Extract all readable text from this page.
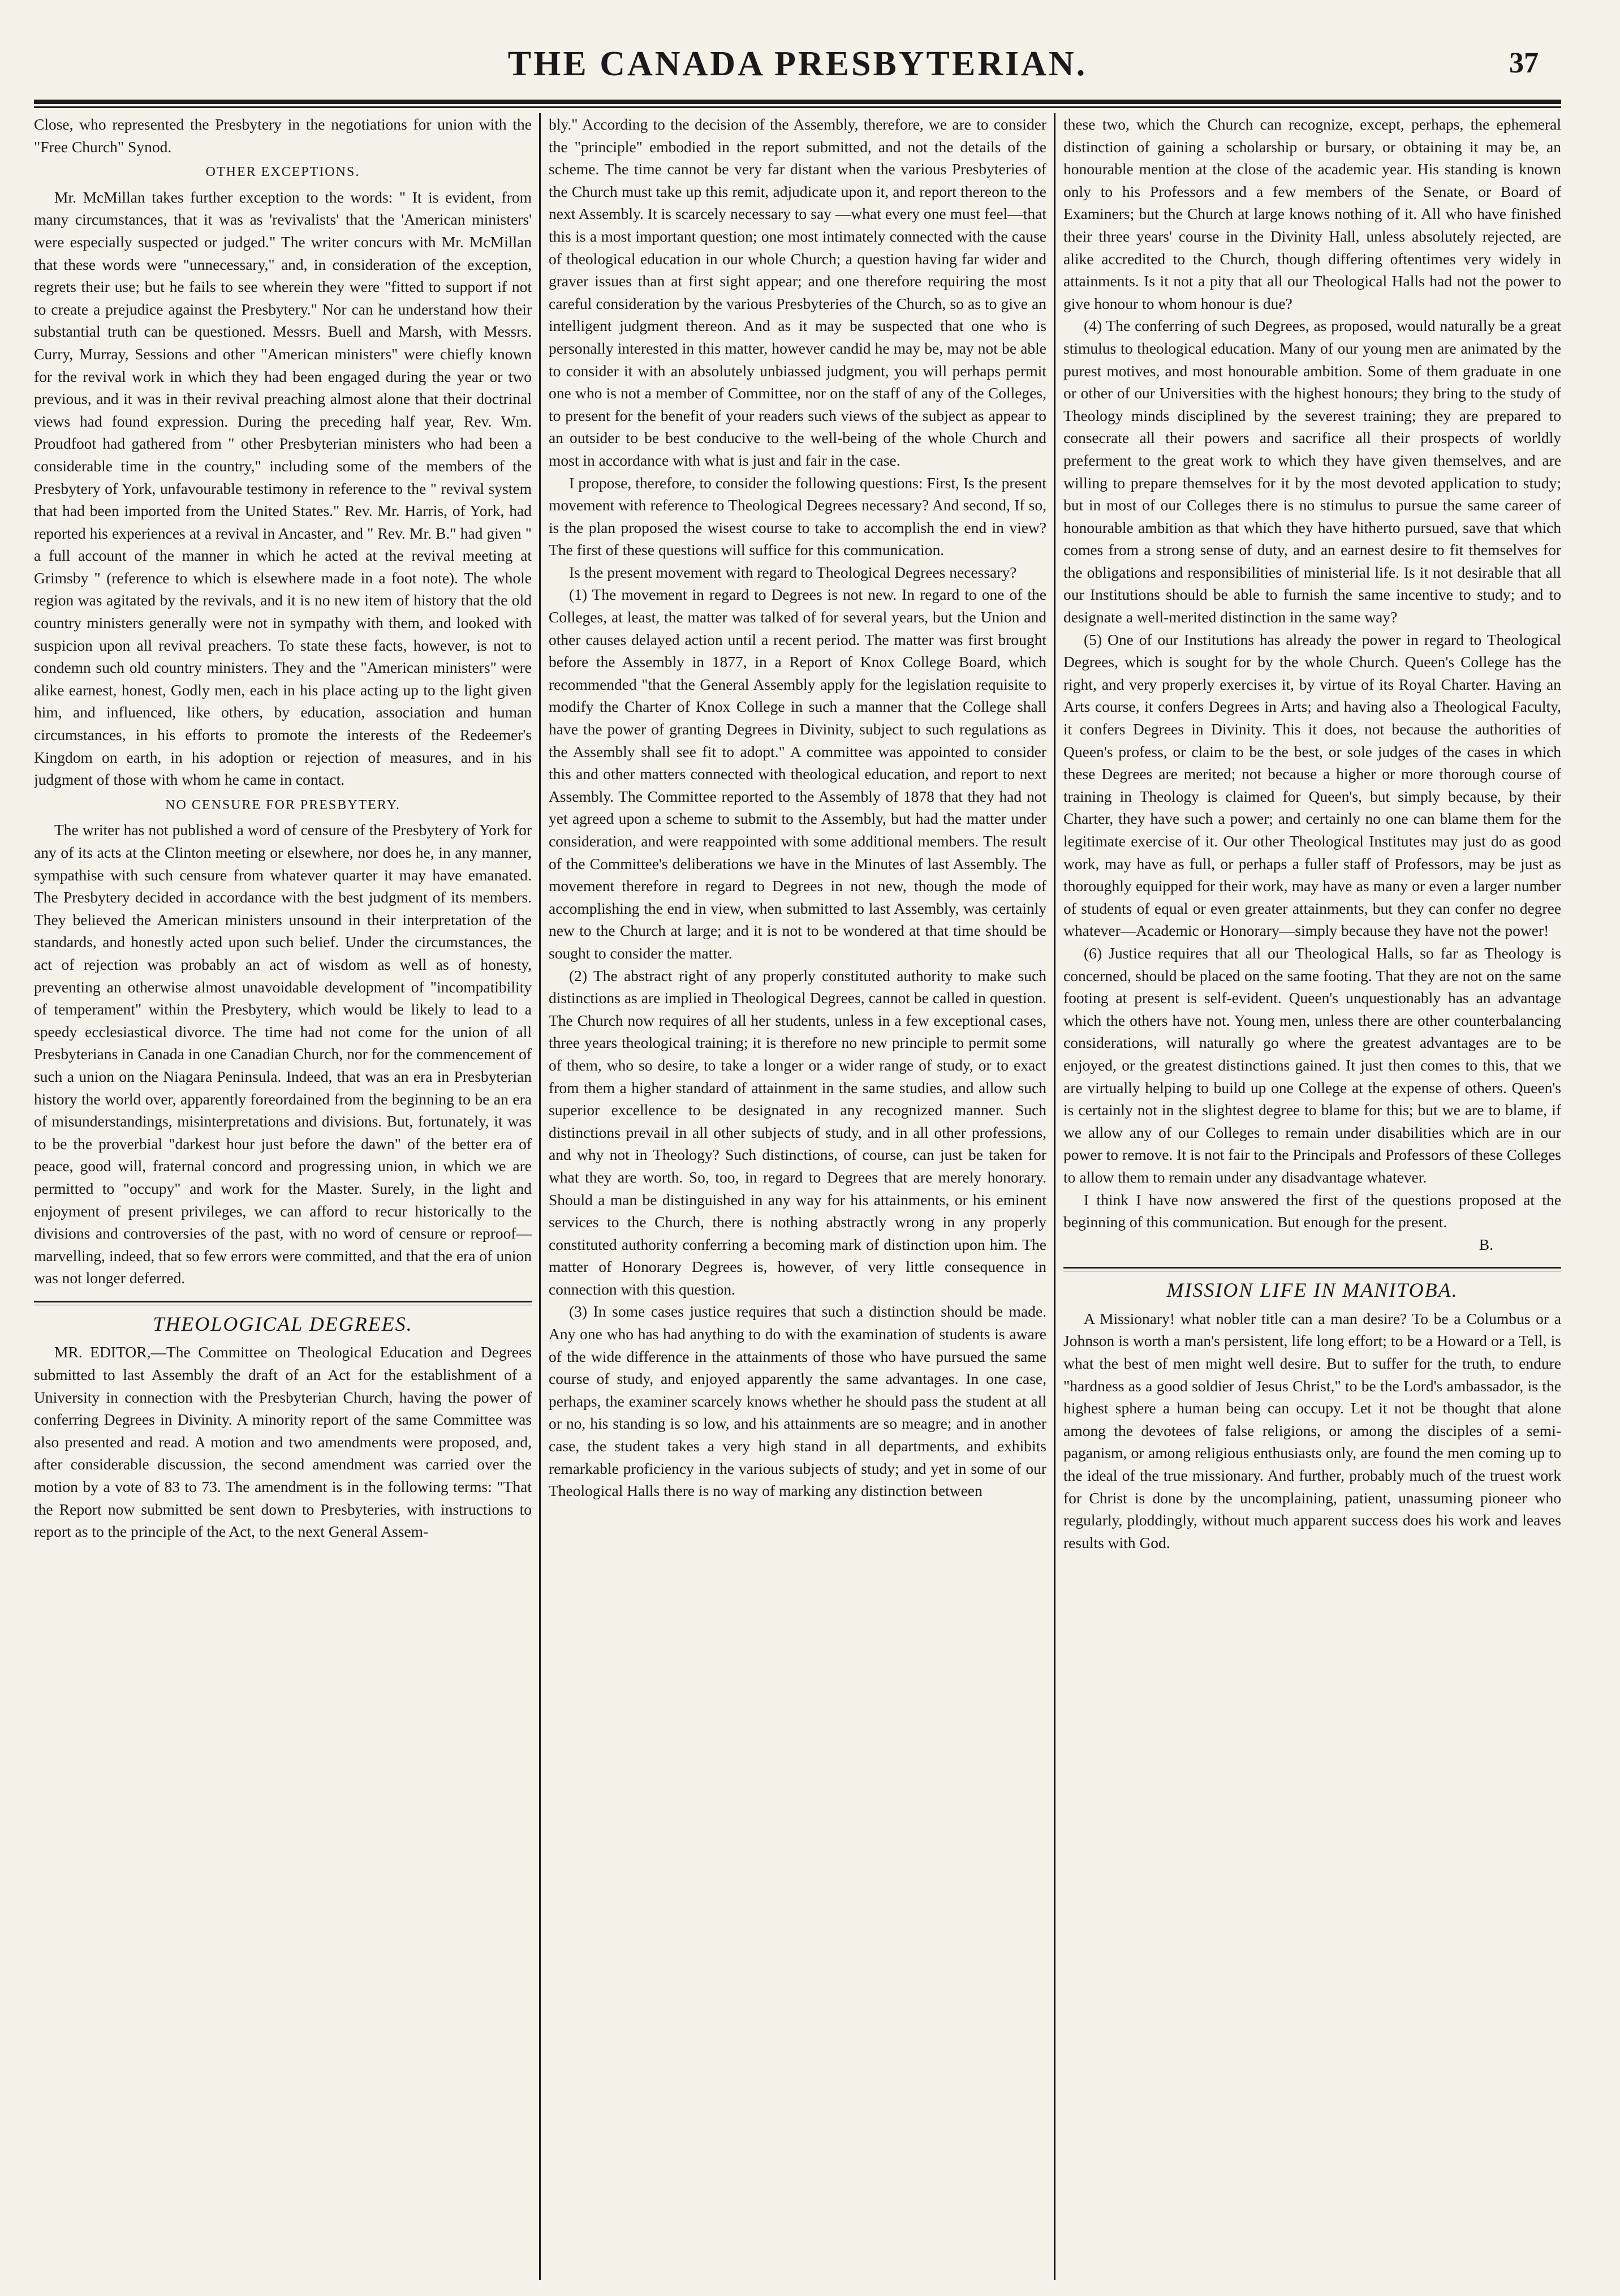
THE CANADA PRESBYTERIAN.	37

Close, who represented the Presbytery in the negotiations for union with the "Free Church" Synod.

OTHER EXCEPTIONS.

Mr. McMillan takes further exception to the words: " It is evident, from many circumstances, that it was as 'revivalists' that the 'American ministers' were especially suspected or judged." The writer concurs with Mr. McMillan that these words were "unnecessary," and, in consideration of the exception, regrets their use; but he fails to see wherein they were "fitted to support if not to create a prejudice against the Presbytery." Nor can he understand how their substantial truth can be questioned. Messrs. Buell and Marsh, with Messrs. Curry, Murray, Sessions and other "American ministers" were chiefly known for the revival work in which they had been engaged during the year or two previous, and it was in their revival preaching almost alone that their doctrinal views had found expression. During the preceding half year, Rev. Wm. Proudfoot had gathered from " other Presbyterian ministers who had been a considerable time in the country," including some of the members of the Presbytery of York, unfavourable testimony in reference to the " revival system that had been imported from the United States." Rev. Mr. Harris, of York, had reported his experiences at a revival in Ancaster, and " Rev. Mr. B." had given " a full account of the manner in which he acted at the revival meeting at Grimsby " (reference to which is elsewhere made in a foot note). The whole region was agitated by the revivals, and it is no new item of history that the old country ministers generally were not in sympathy with them, and looked with suspicion upon all revival preachers. To state these facts, however, is not to condemn such old country ministers. They and the "American ministers" were alike earnest, honest, Godly men, each in his place acting up to the light given him, and influenced, like others, by education, association and human circumstances, in his efforts to promote the interests of the Redeemer's Kingdom on earth, in his adoption or rejection of measures, and in his judgment of those with whom he came in contact.

NO CENSURE FOR PRESBYTERY.

The writer has not published a word of censure of the Presbytery of York for any of its acts at the Clinton meeting or elsewhere, nor does he, in any manner, sympathise with such censure from whatever quarter it may have emanated. The Presbytery decided in accordance with the best judgment of its members. They believed the American ministers unsound in their interpretation of the standards, and honestly acted upon such belief. Under the circumstances, the act of rejection was probably an act of wisdom as well as of honesty, preventing an otherwise almost unavoidable development of "incompatibility of temperament" within the Presbytery, which would be likely to lead to a speedy ecclesiastical divorce. The time had not come for the union of all Presbyterians in Canada in one Canadian Church, nor for the commencement of such a union on the Niagara Peninsula. Indeed, that was an era in Presbyterian history the world over, apparently foreordained from the beginning to be an era of misunderstandings, misinterpretations and divisions. But, fortunately, it was to be the proverbial "darkest hour just before the dawn" of the better era of peace, good will, fraternal concord and progressing union, in which we are permitted to "occupy" and work for the Master. Surely, in the light and enjoyment of present privileges, we can afford to recur historically to the divisions and controversies of the past, with no word of censure or reproof—marvelling, indeed, that so few errors were committed, and that the era of union was not longer deferred.

THEOLOGICAL DEGREES.

MR. EDITOR,—The Committee on Theological Education and Degrees submitted to last Assembly the draft of an Act for the establishment of a University in connection with the Presbyterian Church, having the power of conferring Degrees in Divinity. A minority report of the same Committee was also presented and read. A motion and two amendments were proposed, and, after considerable discussion, the second amendment was carried over the motion by a vote of 83 to 73. The amendment is in the following terms: "That the Report now submitted be sent down to Presbyteries, with instructions to report as to the principle of the Act, to the next General Assem-

bly." According to the decision of the Assembly, therefore, we are to consider the "principle" embodied in the report submitted, and not the details of the scheme. The time cannot be very far distant when the various Presbyteries of the Church must take up this remit, adjudicate upon it, and report thereon to the next Assembly. It is scarcely necessary to say —what every one must feel—that this is a most important question; one most intimately connected with the cause of theological education in our whole Church; a question having far wider and graver issues than at first sight appear; and one therefore requiring the most careful consideration by the various Presbyteries of the Church, so as to give an intelligent judgment thereon. And as it may be suspected that one who is personally interested in this matter, however candid he may be, may not be able to consider it with an absolutely unbiassed judgment, you will perhaps permit one who is not a member of Committee, nor on the staff of any of the Colleges, to present for the benefit of your readers such views of the subject as appear to an outsider to be best conducive to the well-being of the whole Church and most in accordance with what is just and fair in the case.

I propose, therefore, to consider the following questions: First, Is the present movement with reference to Theological Degrees necessary? And second, If so, is the plan proposed the wisest course to take to accomplish the end in view? The first of these questions will suffice for this communication.

Is the present movement with regard to Theological Degrees necessary?

(1) The movement in regard to Degrees is not new. In regard to one of the Colleges, at least, the matter was talked of for several years, but the Union and other causes delayed action until a recent period. The matter was first brought before the Assembly in 1877, in a Report of Knox College Board, which recommended "that the General Assembly apply for the legislation requisite to modify the Charter of Knox College in such a manner that the College shall have the power of granting Degrees in Divinity, subject to such regulations as the Assembly shall see fit to adopt." A committee was appointed to consider this and other matters connected with theological education, and report to next Assembly. The Committee reported to the Assembly of 1878 that they had not yet agreed upon a scheme to submit to the Assembly, but had the matter under consideration, and were reappointed with some additional members. The result of the Committee's deliberations we have in the Minutes of last Assembly. The movement therefore in regard to Degrees in not new, though the mode of accomplishing the end in view, when submitted to last Assembly, was certainly new to the Church at large; and it is not to be wondered at that time should be sought to consider the matter.

(2) The abstract right of any properly constituted authority to make such distinctions as are implied in Theological Degrees, cannot be called in question. The Church now requires of all her students, unless in a few exceptional cases, three years theological training; it is therefore no new principle to permit some of them, who so desire, to take a longer or a wider range of study, or to exact from them a higher standard of attainment in the same studies, and allow such superior excellence to be designated in any recognized manner. Such distinctions prevail in all other subjects of study, and in all other professions, and why not in Theology? Such distinctions, of course, can just be taken for what they are worth. So, too, in regard to Degrees that are merely honorary. Should a man be distinguished in any way for his attainments, or his eminent services to the Church, there is nothing abstractly wrong in any properly constituted authority conferring a becoming mark of distinction upon him. The matter of Honorary Degrees is, however, of very little consequence in connection with this question.

(3) In some cases justice requires that such a distinction should be made. Any one who has had anything to do with the examination of students is aware of the wide difference in the attainments of those who have pursued the same course of study, and enjoyed apparently the same advantages. In one case, perhaps, the examiner scarcely knows whether he should pass the student at all or no, his standing is so low, and his attainments are so meagre; and in another case, the student takes a very high stand in all departments, and exhibits remarkable proficiency in the various subjects of study; and yet in some of our Theological Halls there is no way of marking any distinction between

these two, which the Church can recognize, except, perhaps, the ephemeral distinction of gaining a scholarship or bursary, or obtaining it may be, an honourable mention at the close of the academic year. His standing is known only to his Professors and a few members of the Senate, or Board of Examiners; but the Church at large knows nothing of it. All who have finished their three years' course in the Divinity Hall, unless absolutely rejected, are alike accredited to the Church, though differing oftentimes very widely in attainments. Is it not a pity that all our Theological Halls had not the power to give honour to whom honour is due?

(4) The conferring of such Degrees, as proposed, would naturally be a great stimulus to theological education. Many of our young men are animated by the purest motives, and most honourable ambition. Some of them graduate in one or other of our Universities with the highest honours; they bring to the study of Theology minds disciplined by the severest training; they are prepared to consecrate all their powers and sacrifice all their prospects of worldly preferment to the great work to which they have given themselves, and are willing to prepare themselves for it by the most devoted application to study; but in most of our Colleges there is no stimulus to pursue the same career of honourable ambition as that which they have hitherto pursued, save that which comes from a strong sense of duty, and an earnest desire to fit themselves for the obligations and responsibilities of ministerial life. Is it not desirable that all our Institutions should be able to furnish the same incentive to study; and to designate a well-merited distinction in the same way?

(5) One of our Institutions has already the power in regard to Theological Degrees, which is sought for by the whole Church. Queen's College has the right, and very properly exercises it, by virtue of its Royal Charter. Having an Arts course, it confers Degrees in Arts; and having also a Theological Faculty, it confers Degrees in Divinity. This it does, not because the authorities of Queen's profess, or claim to be the best, or sole judges of the cases in which these Degrees are merited; not because a higher or more thorough course of training in Theology is claimed for Queen's, but simply because, by their Charter, they have such a power; and certainly no one can blame them for the legitimate exercise of it. Our other Theological Institutes may just do as good work, may have as full, or perhaps a fuller staff of Professors, may be just as thoroughly equipped for their work, may have as many or even a larger number of students of equal or even greater attainments, but they can confer no degree whatever—Academic or Honorary—simply because they have not the power!

(6) Justice requires that all our Theological Halls, so far as Theology is concerned, should be placed on the same footing. That they are not on the same footing at present is self-evident. Queen's unquestionably has an advantage which the others have not. Young men, unless there are other counterbalancing considerations, will naturally go where the greatest advantages are to be enjoyed, or the greatest distinctions gained. It just then comes to this, that we are virtually helping to build up one College at the expense of others. Queen's is certainly not in the slightest degree to blame for this; but we are to blame, if we allow any of our Colleges to remain under disabilities which are in our power to remove. It is not fair to the Principals and Professors of these Colleges to allow them to remain under any disadvantage whatever.

I think I have now answered the first of the questions proposed at the beginning of this communication. But enough for the present.

B.

MISSION LIFE IN MANITOBA.

A Missionary! what nobler title can a man desire? To be a Columbus or a Johnson is worth a man's persistent, life long effort; to be a Howard or a Tell, is what the best of men might well desire. But to suffer for the truth, to endure "hardness as a good soldier of Jesus Christ," to be the Lord's ambassador, is the highest sphere a human being can occupy. Let it not be thought that alone among the devotees of false religions, or among the disciples of a semi-paganism, or among religious enthusiasts only, are found the men coming up to the ideal of the true missionary. And further, probably much of the truest work for Christ is done by the uncomplaining, patient, unassuming pioneer who regularly, ploddingly, without much apparent success does his work and leaves results with God.
